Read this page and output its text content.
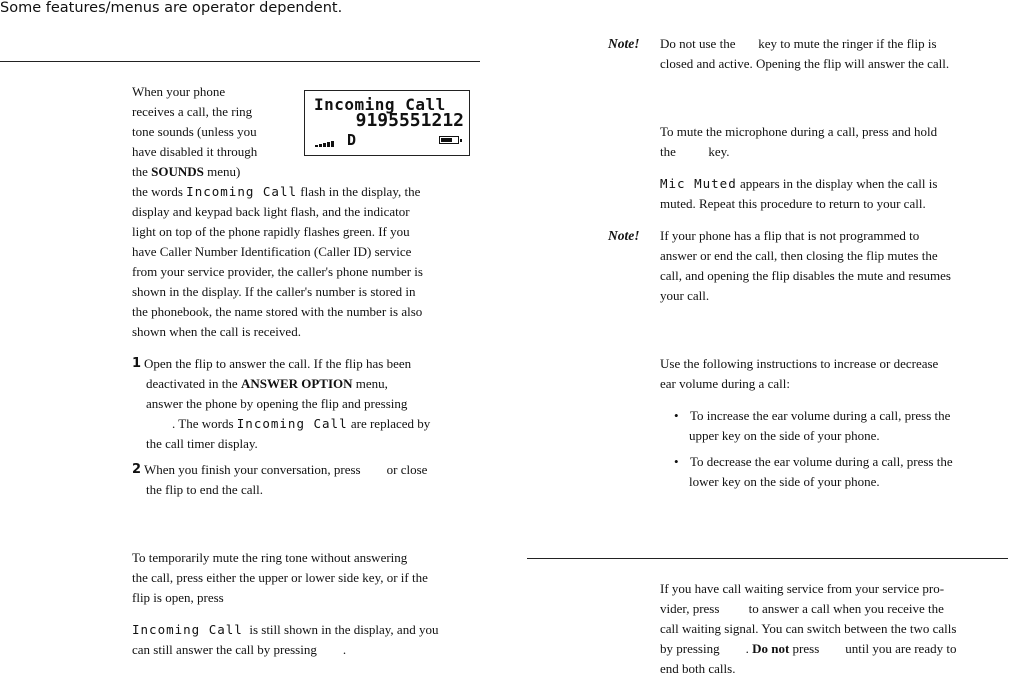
Some features/menus are operator dependent.

When your phone

receives a call, the ring

tone sounds (unless you

have disabled it through

the SOUNDS menu)

Incoming Call
9195551212
D

the words Incoming Call flash in the display, the

display and keypad back light flash, and the indicator

light on top of the phone rapidly flashes green. If you

have Caller Number Identification (Caller ID) service

from your service provider, the caller's phone number is

shown in the display. If the caller's number is stored in

the phonebook, the name stored with the number is also

shown when the call is received.

1 Open the flip to answer the call. If the flip has been

deactivated in the ANSWER OPTION menu,

answer the phone by opening the flip and pressing

. The words Incoming Call are replaced by

the call timer display.

2 When you finish your conversation, press        or close

the flip to end the call.

To temporarily mute the ring tone without answering

the call, press either the upper or lower side key, or if the

flip is open, press

Incoming Call  is still shown in the display, and you

can still answer the call by pressing        .

Note! Do not use the       key to mute the ringer if the flip is

closed and active. Opening the flip will answer the call.

To mute the microphone during a call, press and hold

the          key.

Mic Muted appears in the display when the call is

muted. Repeat this procedure to return to your call.

Note! If your phone has a flip that is not programmed to

answer or end the call, then closing the flip mutes the

call, and opening the flip disables the mute and resumes

your call.

Use the following instructions to increase or decrease

ear volume during a call:

• To increase the ear volume during a call, press the

upper key on the side of your phone.

• To decrease the ear volume during a call, press the

lower key on the side of your phone.

If you have call waiting service from your service pro-

vider, press         to answer a call when you receive the

call waiting signal. You can switch between the two calls

by pressing        . Do not press        until you are ready to

end both calls.
